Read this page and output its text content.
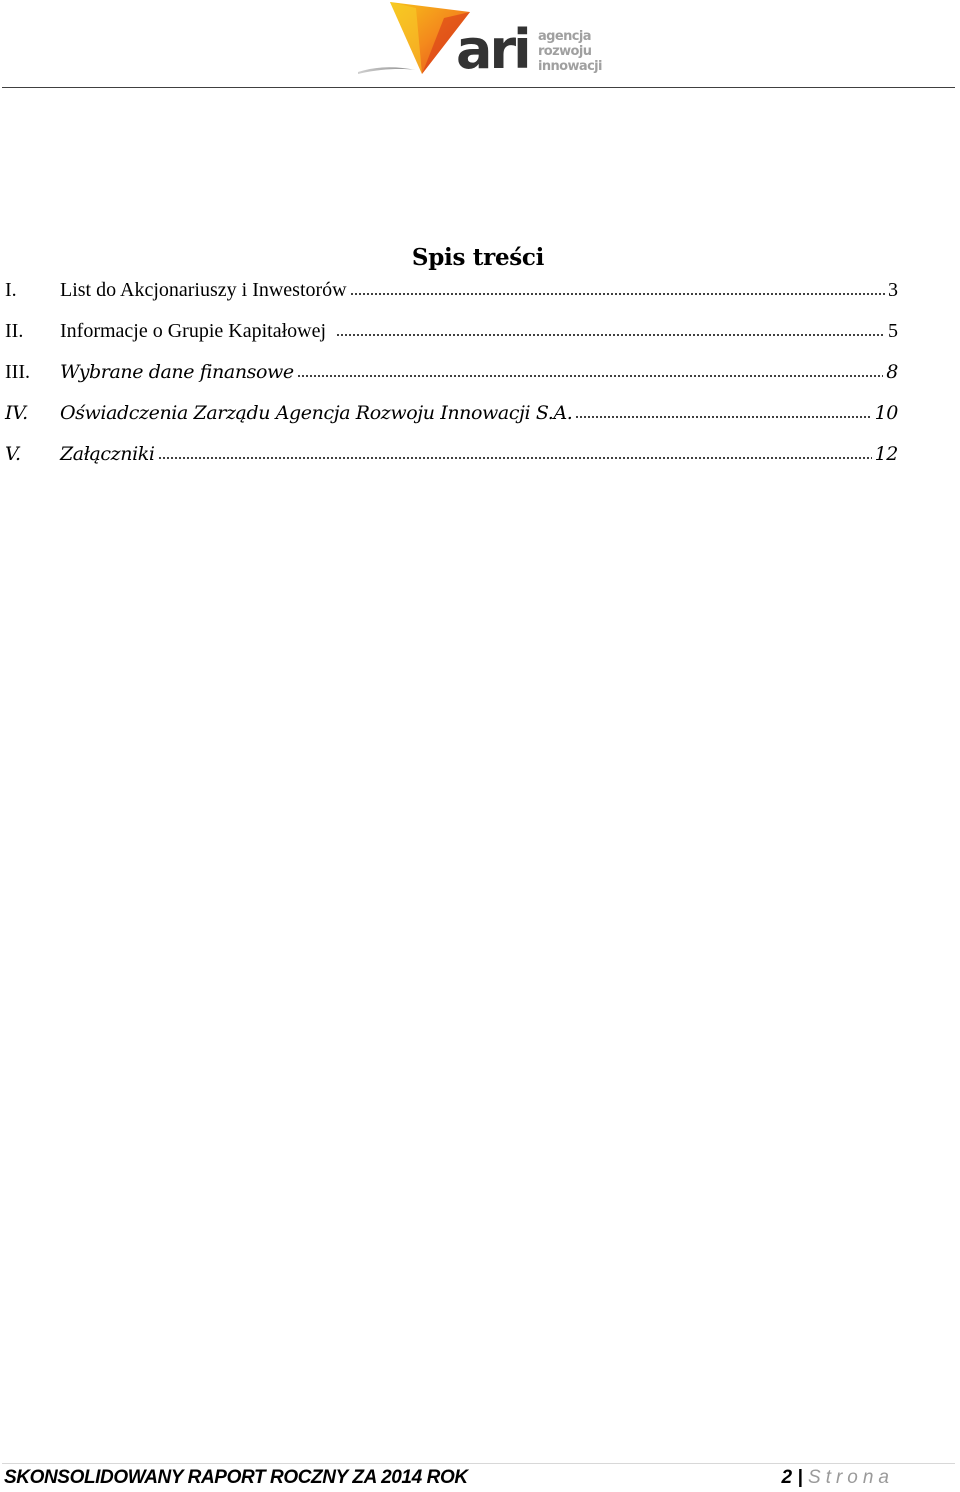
ari agencja
rozwoju
innowacji
Spis treści
I.	List do Akcjonariuszy i Inwestorów	3
II.	Informacje o Grupie Kapitałowej	5
III.	Wybrane dane finansowe	8
IV.	Oświadczenia Zarządu Agencja Rozwoju Innowacji S.A.	10
V.	Załączniki	12
SKONSOLIDOWANY RAPORT ROCZNY ZA 2014 ROK	2 | Strona
